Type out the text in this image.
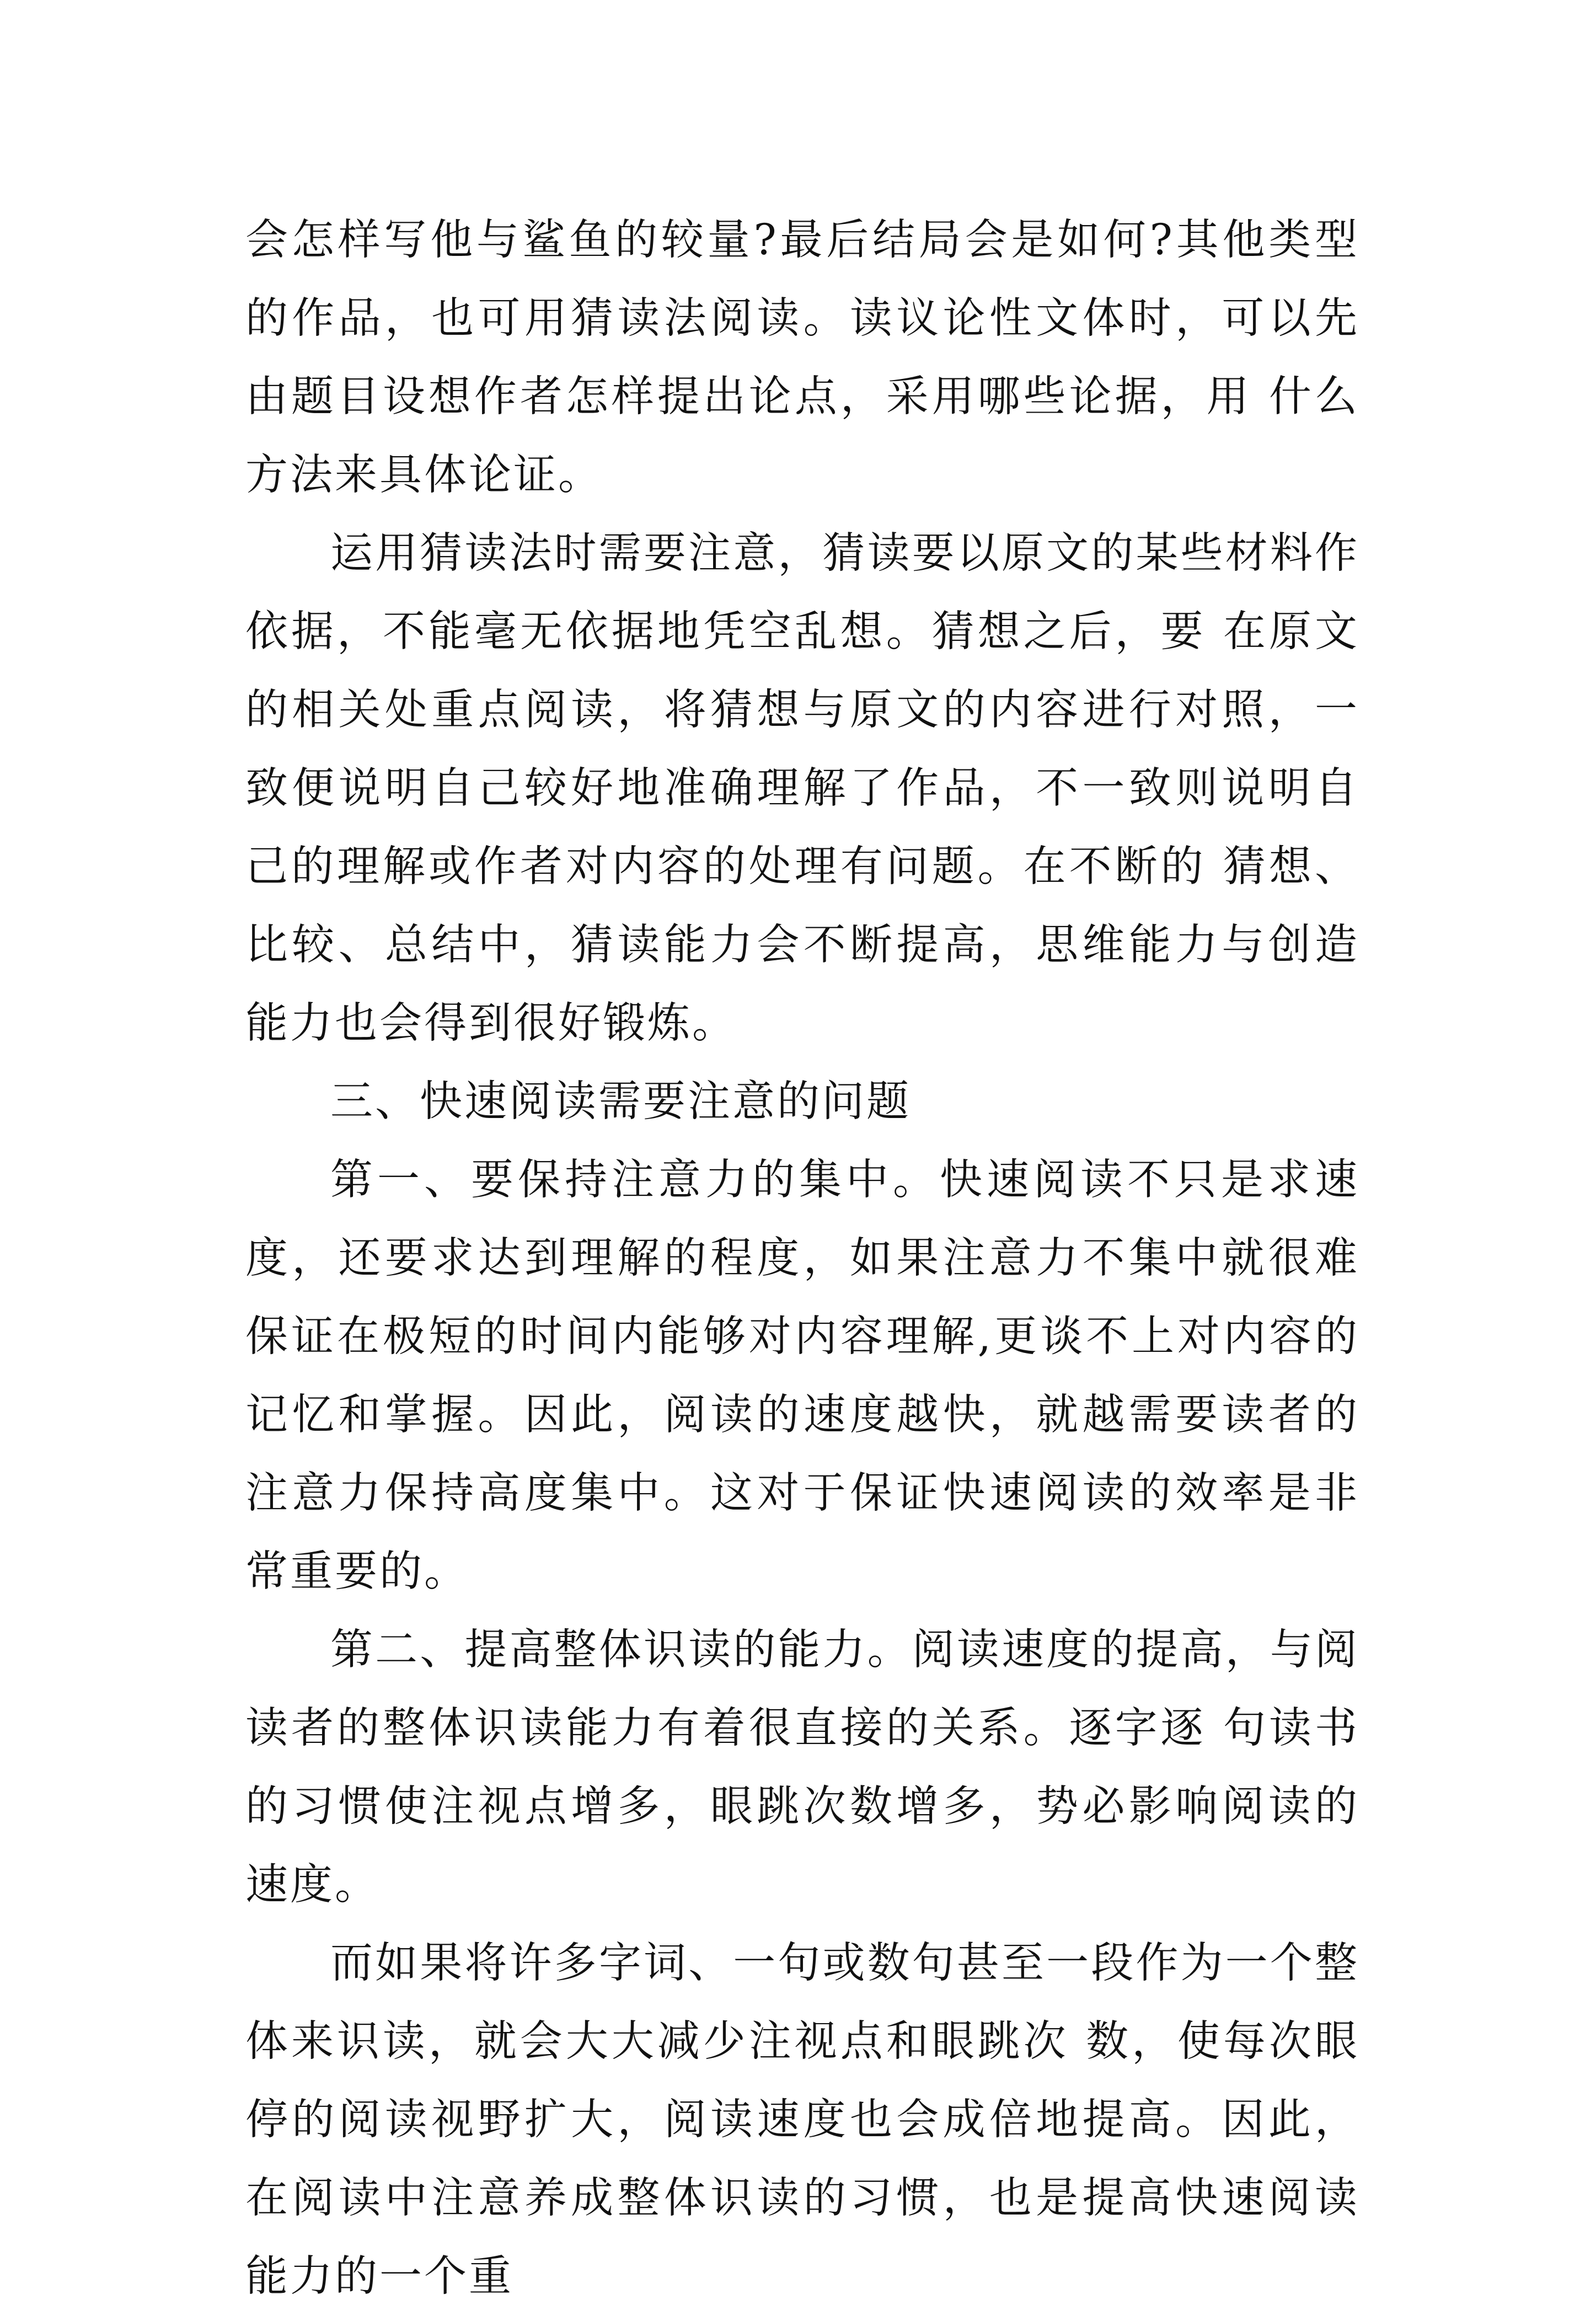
会怎样写他与鲨鱼的较量?最后结局会是如何?其他类型的作品，也可用猜读法阅读。读议论性文体时，可以先由题目设想作者怎样提出论点，采用哪些论据，用 什么方法来具体论证。

运用猜读法时需要注意，猜读要以原文的某些材料作依据，不能毫无依据地凭空乱想。猜想之后，要 在原文的相关处重点阅读，将猜想与原文的内容进行对照，一致便说明自己较好地准确理解了作品，不一致则说明自己的理解或作者对内容的处理有问题。在不断的 猜想、比较、总结中，猜读能力会不断提高，思维能力与创造能力也会得到很好锻炼。

三、快速阅读需要注意的问题

第一、要保持注意力的集中。快速阅读不只是求速度，还要求达到理解的程度，如果注意力不集中就很难保证在极短的时间内能够对内容理解,更谈不上对内容的记忆和掌握。因此，阅读的速度越快，就越需要读者的注意力保持高度集中。这对于保证快速阅读的效率是非常重要的。

第二、提高整体识读的能力。阅读速度的提高，与阅读者的整体识读能力有着很直接的关系。逐字逐 句读书的习惯使注视点增多，眼跳次数增多，势必影响阅读的速度。

而如果将许多字词、一句或数句甚至一段作为一个整体来识读，就会大大减少注视点和眼跳次 数，使每次眼停的阅读视野扩大，阅读速度也会成倍地提高。因此，在阅读中注意养成整体识读的习惯，也是提高快速阅读能力的一个重
